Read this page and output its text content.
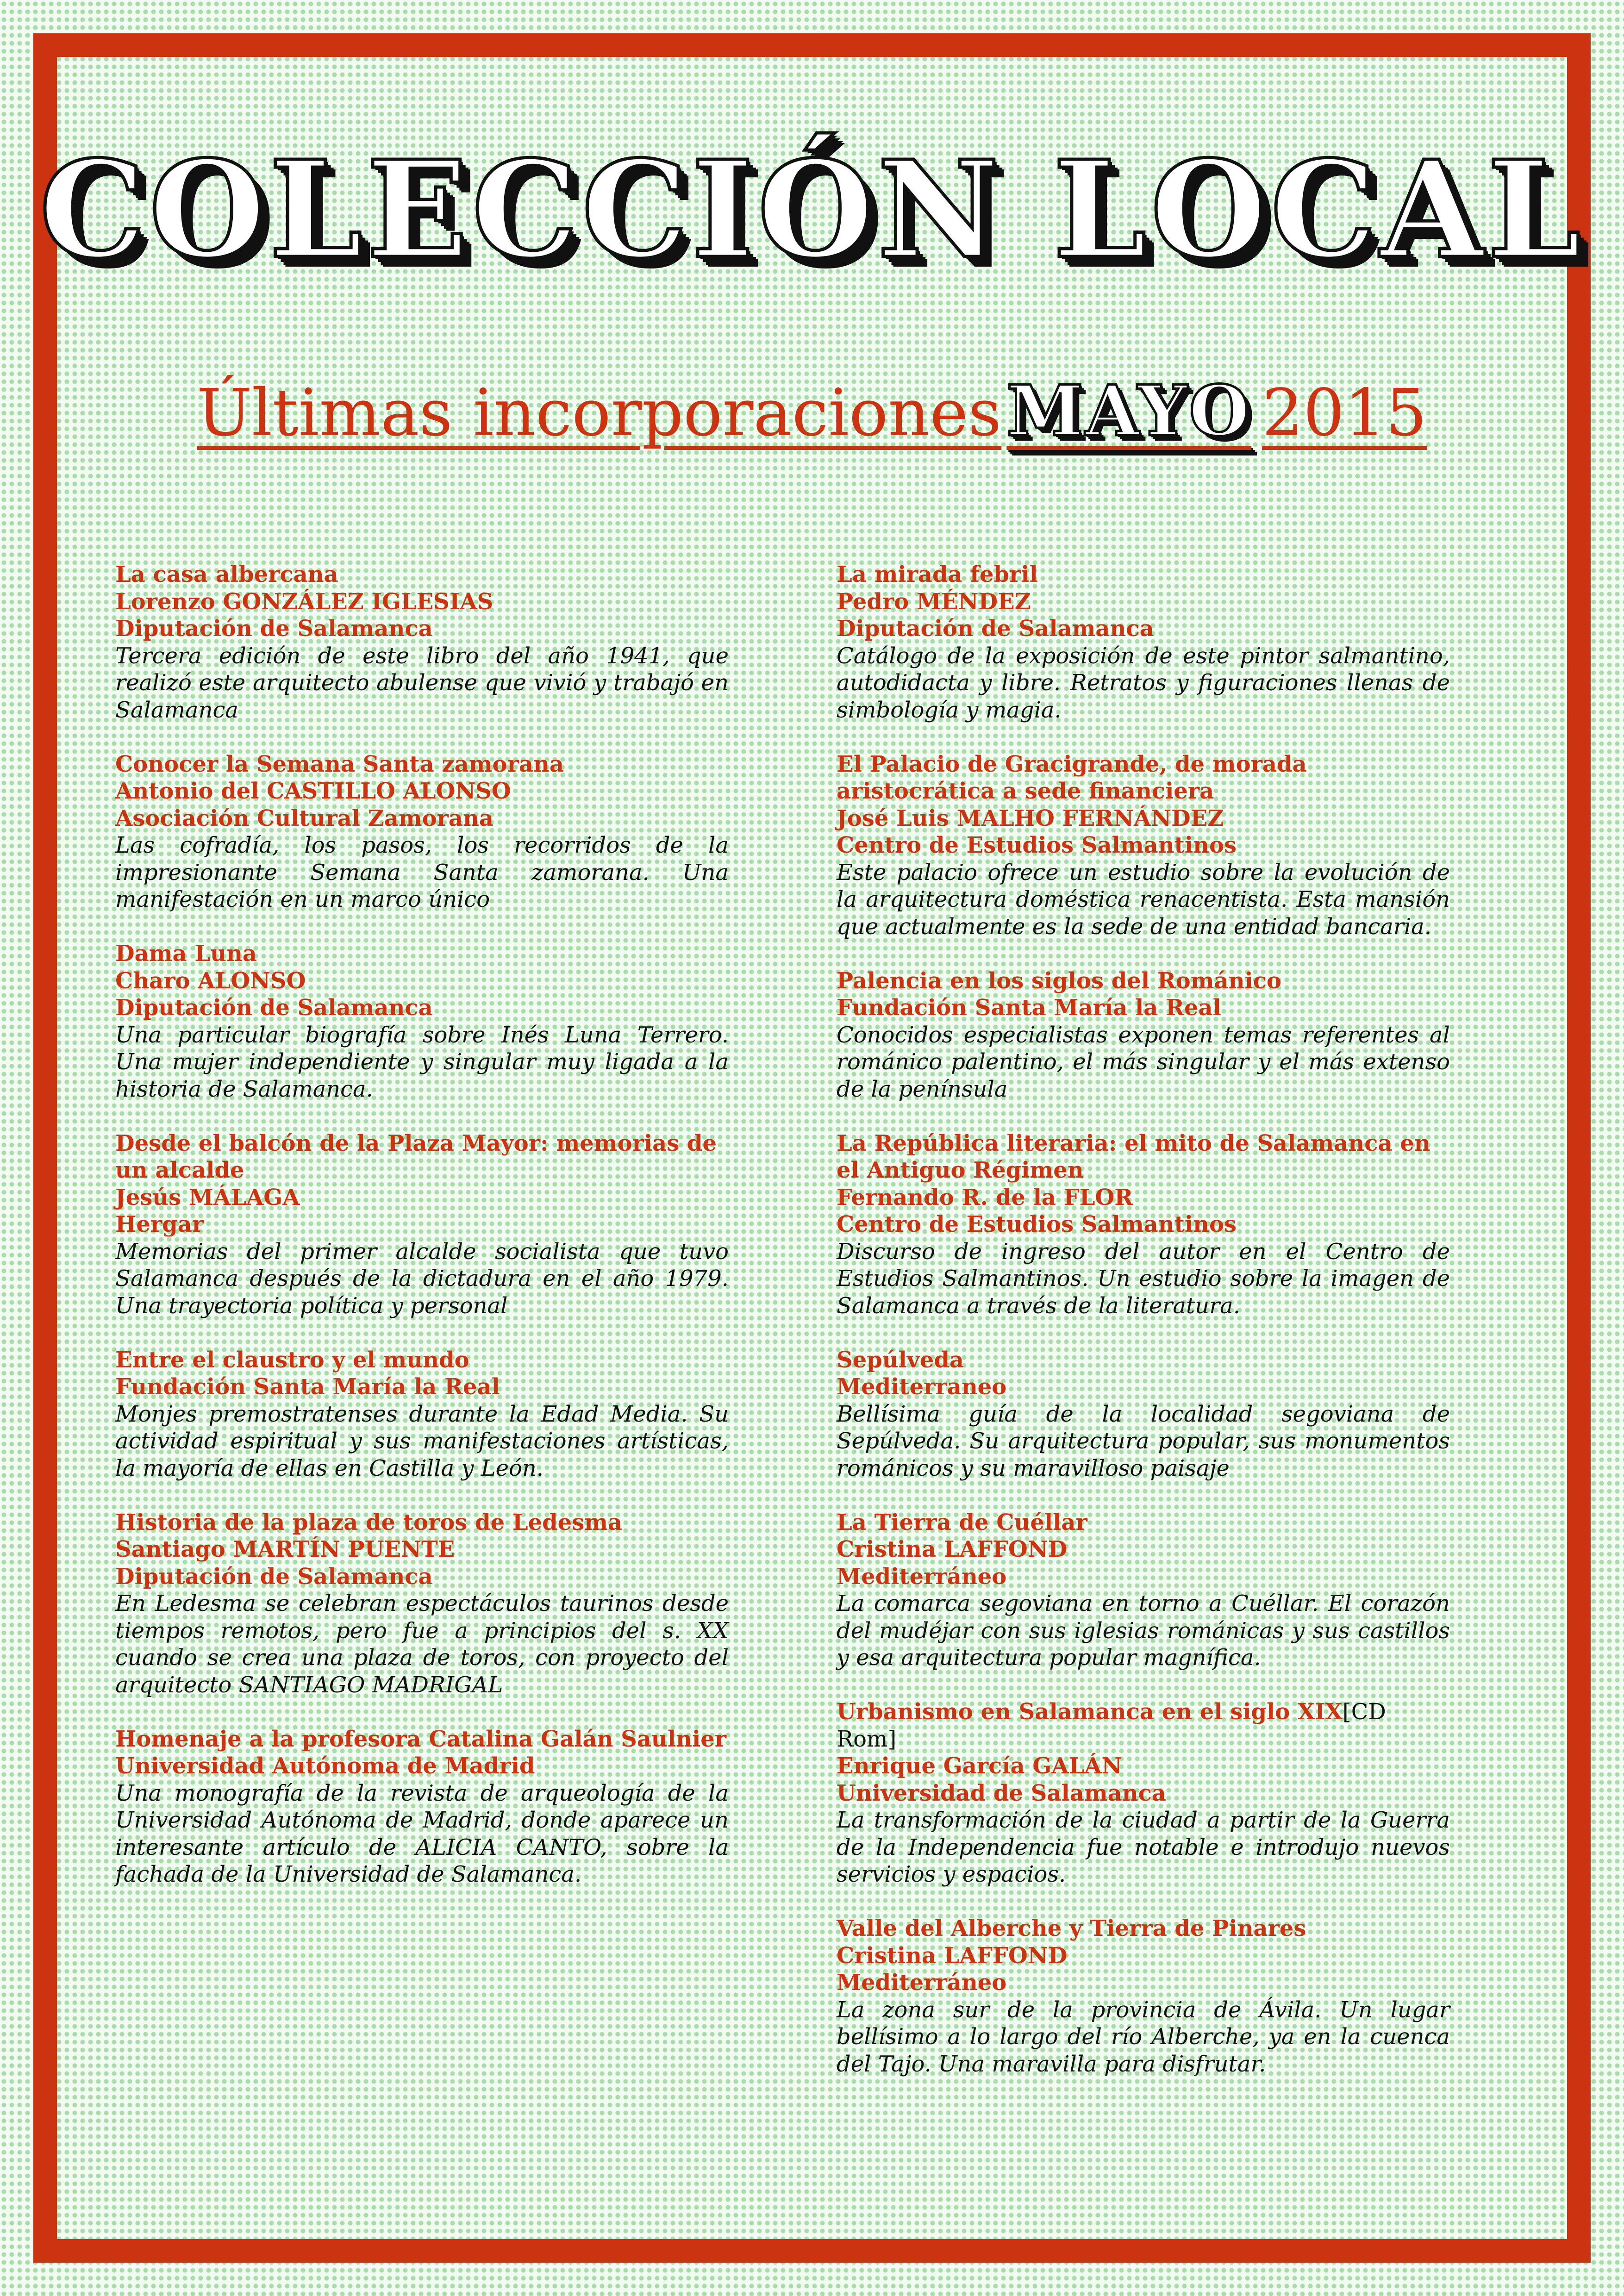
COLECCIÓN LOCAL
Últimas incorporaciones MAYO 2015
La casa albercana
Lorenzo GONZÁLEZ IGLESIAS
Diputación de Salamanca
Tercera edición de este libro del año 1941, que realizó este arquitecto abulense que vivió y trabajó en Salamanca
Conocer la Semana Santa zamorana
Antonio del CASTILLO ALONSO
Asociación Cultural Zamorana
Las cofradía, los pasos, los recorridos de la impresionante Semana Santa zamorana. Una manifestación en un marco único
Dama Luna
Charo ALONSO
Diputación de Salamanca
Una particular biografía sobre Inés Luna Terrero. Una mujer independiente y singular muy ligada a la historia de Salamanca.
Desde el balcón de la Plaza Mayor: memorias de un alcalde
Jesús MÁLAGA
Hergar
Memorias del primer alcalde socialista que tuvo Salamanca después de la dictadura en el año 1979. Una trayectoria política y personal
Entre el claustro y el mundo
Fundación Santa María la Real
Monjes premostratenses durante la Edad Media. Su actividad espiritual y sus manifestaciones artísticas, la mayoría de ellas en Castilla y León.
Historia de la plaza de toros de Ledesma
Santiago MARTÍN PUENTE
Diputación de Salamanca
En Ledesma se celebran espectáculos taurinos desde tiempos remotos, pero fue a principios del s. XX cuando se crea una plaza de toros, con proyecto del arquitecto SANTIAGO MADRIGAL
Homenaje a la profesora Catalina Galán Saulnier
Universidad Autónoma de Madrid
Una monografía de la revista de arqueología de la Universidad Autónoma de Madrid, donde aparece un interesante artículo de ALICIA CANTO, sobre la fachada de la Universidad de Salamanca.
La mirada febril
Pedro MÉNDEZ
Diputación de Salamanca
Catálogo de la exposición de este pintor salmantino, autodidacta y libre. Retratos y figuraciones llenas de simbología y magia.
El Palacio de Gracigrande, de morada aristocrática a sede financiera
José Luis MALHO FERNÁNDEZ
Centro de Estudios Salmantinos
Este palacio ofrece un estudio sobre la evolución de la arquitectura doméstica renacentista. Esta mansión que actualmente es la sede de una entidad bancaria.
Palencia en los siglos del Románico
Fundación Santa María la Real
Conocidos especialistas exponen temas referentes al románico palentino, el más singular y el más extenso de la península
La República literaria: el mito de Salamanca en el Antiguo Régimen
Fernando R. de la FLOR
Centro de Estudios Salmantinos
Discurso de ingreso del autor en el Centro de Estudios Salmantinos. Un estudio sobre la imagen de Salamanca a través de la literatura.
Sepúlveda
Mediterraneo
Bellísima guía de la localidad segoviana de Sepúlveda. Su arquitectura popular, sus monumentos románicos y su maravilloso paisaje
La Tierra de Cuéllar
Cristina LAFFOND
Mediterráneo
La comarca segoviana en torno a Cuéllar. El corazón del mudéjar con sus iglesias románicas y sus castillos y esa arquitectura popular magnífica.
Urbanismo en Salamanca en el siglo XIX[CD Rom]
Enrique García GALÁN
Universidad de Salamanca
La transformación de la ciudad a partir de la Guerra de la Independencia fue notable e introdujo nuevos servicios y espacios.
Valle del Alberche y Tierra de Pinares
Cristina LAFFOND
Mediterráneo
La zona sur de la provincia de Ávila. Un lugar bellísimo a lo largo del río Alberche, ya en la cuenca del Tajo. Una maravilla para disfrutar.
